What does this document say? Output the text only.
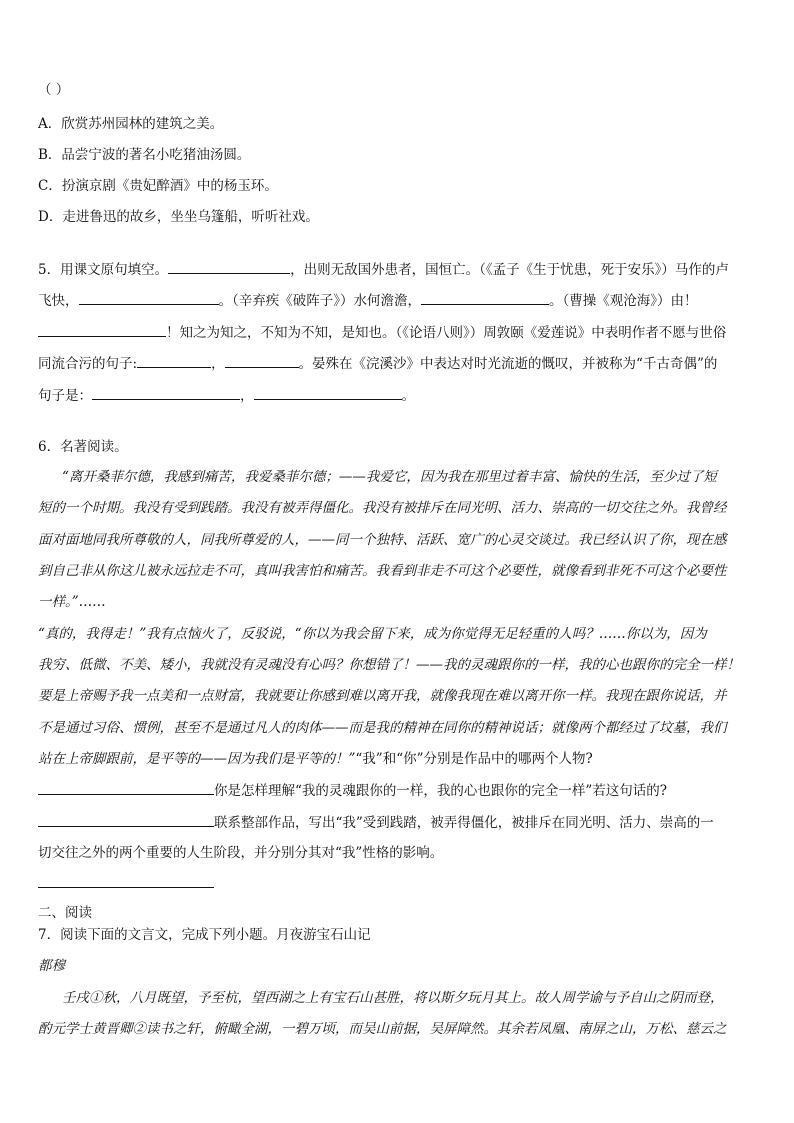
（ ）
A．欣赏苏州园林的建筑之美。
B．品尝宁波的著名小吃猪油汤圆。
C．扮演京剧《贵妃醉酒》中的杨玉环。
D．走进鲁迅的故乡，坐坐乌篷船，听听社戏。
5．用课文原句填空。	，出则无敌国外患者，国恒亡。（《孟子《生于忧患，死于安乐》）马作的卢
飞快，	。（辛弃疾《破阵子》）水何澹澹，	。（曹操《观沧海》）由！
！知之为知之，不知为不知，是知也。（《论语八则》）周敦颐《爱莲说》中表明作者不愿与世俗
同流合污的句子:	，	。晏殊在《浣溪沙》中表达对时光流逝的慨叹，并被称为“千古奇偶”的
句子是：	，	。
6．名著阅读。
“离开桑菲尔德，我感到痛苦，我爱桑菲尔德；——我爱它，因为我在那里过着丰富、愉快的生活，至少过了短
短的一个时期。我没有受到践踏。我没有被弄得僵化。我没有被排斥在同光明、活力、崇高的一切交往之外。我曾经
面对面地同我所尊敬的人，同我所尊爱的人，——同一个独特、活跃、宽广的心灵交谈过。我已经认识了你，现在感
到自己非从你这儿被永远拉走不可，真叫我害怕和痛苦。我看到非走不可这个必要性，就像看到非死不可这个必要性
一样。”……
“真的，我得走！”我有点恼火了，反驳说，“你以为我会留下来，成为你觉得无足轻重的人吗？……你以为，因为
我穷、低微、不美、矮小，我就没有灵魂没有心吗？你想错了！——我的灵魂跟你的一样，我的心也跟你的完全一样！
要是上帝赐予我一点美和一点财富，我就要让你感到难以离开我，就像我现在难以离开你一样。我现在跟你说话，并
不是通过习俗、惯例，甚至不是通过凡人的肉体——而是我的精神在同你的精神说话；就像两个都经过了坟墓，我们
站在上帝脚跟前，是平等的——因为我们是平等的！”“我”和“你”分别是作品中的哪两个人物?
你是怎样理解“我的灵魂跟你的一样，我的心也跟你的完全一样”若这句话的?
联系整部作品，写出“我”受到践踏，被弄得僵化，被排斥在同光明、活力、崇高的一
切交往之外的两个重要的人生阶段，并分别分其对“我”性格的影响。
二、阅读
7．阅读下面的文言文，完成下列小题。月夜游宝石山记
都穆
壬戌①秋，八月既望，予至杭，望西湖之上有宝石山甚胜，将以斯夕玩月其上。故人周学谕与予自山之阴而登，
酌元学士黄晋卿②读书之轩，俯瞰全湖，一碧万顷，而吴山前据，吴屏障然。其余若凤凰、南屏之山，万松、慈云之
